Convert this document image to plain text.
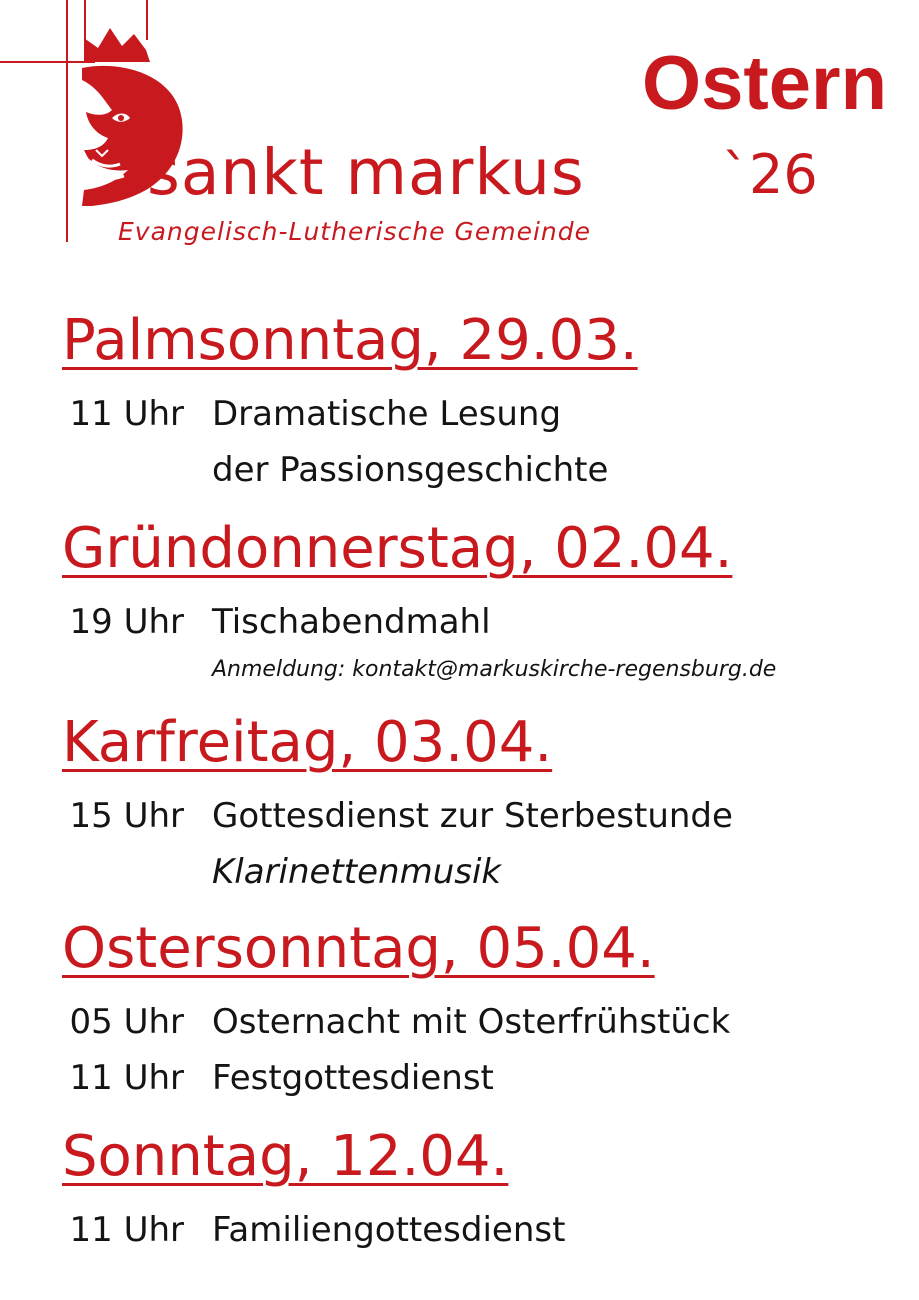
sankt markus
Evangelisch-Lutherische Gemeinde
Ostern
`26
Palmsonntag, 29.03.
11 Uhr Dramatische Lesung
der Passionsgeschichte
Gründonnerstag, 02.04.
19 Uhr Tischabendmahl
Anmeldung: kontakt@markuskirche-regensburg.de
Karfreitag, 03.04.
15 Uhr Gottesdienst zur Sterbestunde
Klarinettenmusik
Ostersonntag, 05.04.
05 Uhr Osternacht mit Osterfrühstück
11 Uhr Festgottesdienst
Sonntag, 12.04.
11 Uhr Familiengottesdienst
